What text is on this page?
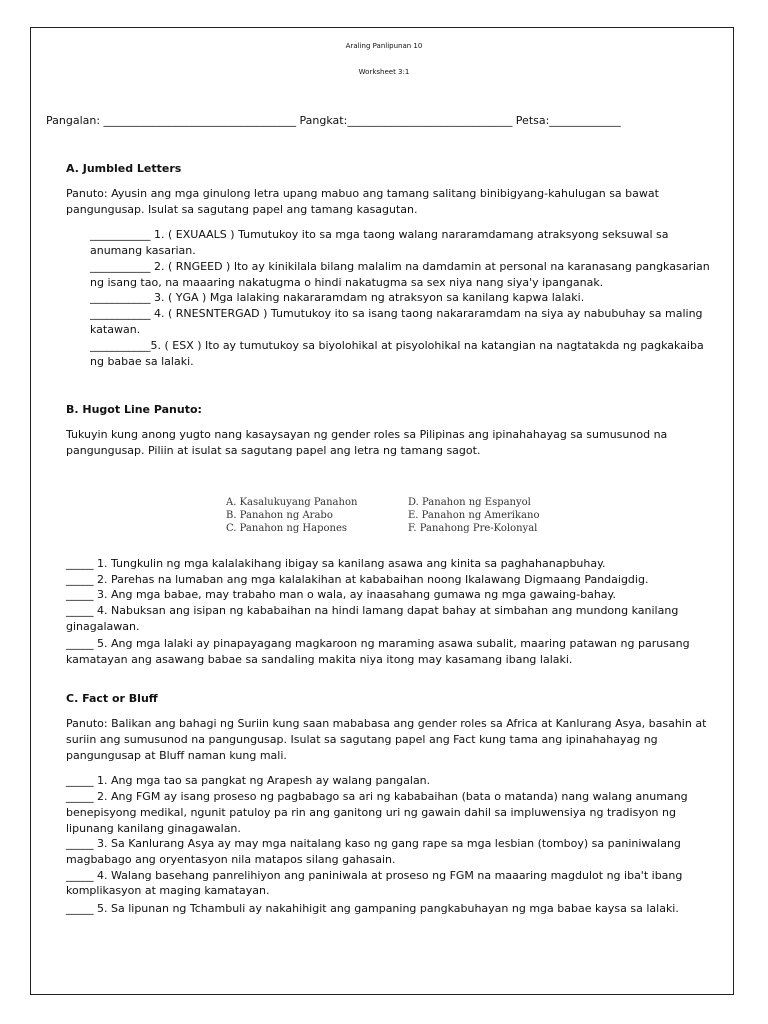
Araling Panlipunan 10
Worksheet 3:1
Pangalan: ___________________________________ Pangkat:______________________________ Petsa:_____________
A. Jumbled Letters
Panuto: Ayusin ang mga ginulong letra upang mabuo ang tamang salitang binibigyang-kahulugan sa bawat
pangungusap. Isulat sa sagutang papel ang tamang kasagutan.
___________ 1. ( EXUAALS ) Tumutukoy ito sa mga taong walang nararamdamang atraksyong seksuwal sa
anumang kasarian.
___________ 2. ( RNGEED ) Ito ay kinikilala bilang malalim na damdamin at personal na karanasang pangkasarian
ng isang tao, na maaaring nakatugma o hindi nakatugma sa sex niya nang siya'y ipanganak.
___________ 3. ( YGA ) Mga lalaking nakararamdam ng atraksyon sa kanilang kapwa lalaki.
___________ 4. ( RNESNTERGAD ) Tumutukoy ito sa isang taong nakararamdam na siya ay nabubuhay sa maling
katawan.
___________5. ( ESX ) Ito ay tumutukoy sa biyolohikal at pisyolohikal na katangian na nagtatakda ng pagkakaiba
ng babae sa lalaki.
B. Hugot Line Panuto:
Tukuyin kung anong yugto nang kasaysayan ng gender roles sa Pilipinas ang ipinahahayag sa sumusunod na
pangungusap. Piliin at isulat sa sagutang papel ang letra ng tamang sagot.
A. Kasalukuyang Panahon
B. Panahon ng Arabo
C. Panahon ng Hapones
D. Panahon ng Espanyol
E. Panahon ng Amerikano
F. Panahong Pre-Kolonyal
_____ 1. Tungkulin ng mga kalalakihang ibigay sa kanilang asawa ang kinita sa paghahanapbuhay.
_____ 2. Parehas na lumaban ang mga kalalakihan at kababaihan noong Ikalawang Digmaang Pandaigdig.
_____ 3. Ang mga babae, may trabaho man o wala, ay inaasahang gumawa ng mga gawaing-bahay.
_____ 4. Nabuksan ang isipan ng kababaihan na hindi lamang dapat bahay at simbahan ang mundong kanilang
ginagalawan.
_____ 5. Ang mga lalaki ay pinapayagang magkaroon ng maraming asawa subalit, maaring patawan ng parusang
kamatayan ang asawang babae sa sandaling makita niya itong may kasamang ibang lalaki.
C. Fact or Bluff
Panuto: Balikan ang bahagi ng Suriin kung saan mababasa ang gender roles sa Africa at Kanlurang Asya, basahin at
suriin ang sumusunod na pangungusap. Isulat sa sagutang papel ang Fact kung tama ang ipinahahayag ng
pangungusap at Bluff naman kung mali.
_____ 1. Ang mga tao sa pangkat ng Arapesh ay walang pangalan.
_____ 2. Ang FGM ay isang proseso ng pagbabago sa ari ng kababaihan (bata o matanda) nang walang anumang
benepisyong medikal, ngunit patuloy pa rin ang ganitong uri ng gawain dahil sa impluwensiya ng tradisyon ng
lipunang kanilang ginagawalan.
_____ 3. Sa Kanlurang Asya ay may mga naitalang kaso ng gang rape sa mga lesbian (tomboy) sa paniniwalang
magbabago ang oryentasyon nila matapos silang gahasain.
_____ 4. Walang basehang panrelihiyon ang paniniwala at proseso ng FGM na maaaring magdulot ng iba't ibang
komplikasyon at maging kamatayan.
_____ 5. Sa lipunan ng Tchambuli ay nakahihigit ang gampaning pangkabuhayan ng mga babae kaysa sa lalaki.
